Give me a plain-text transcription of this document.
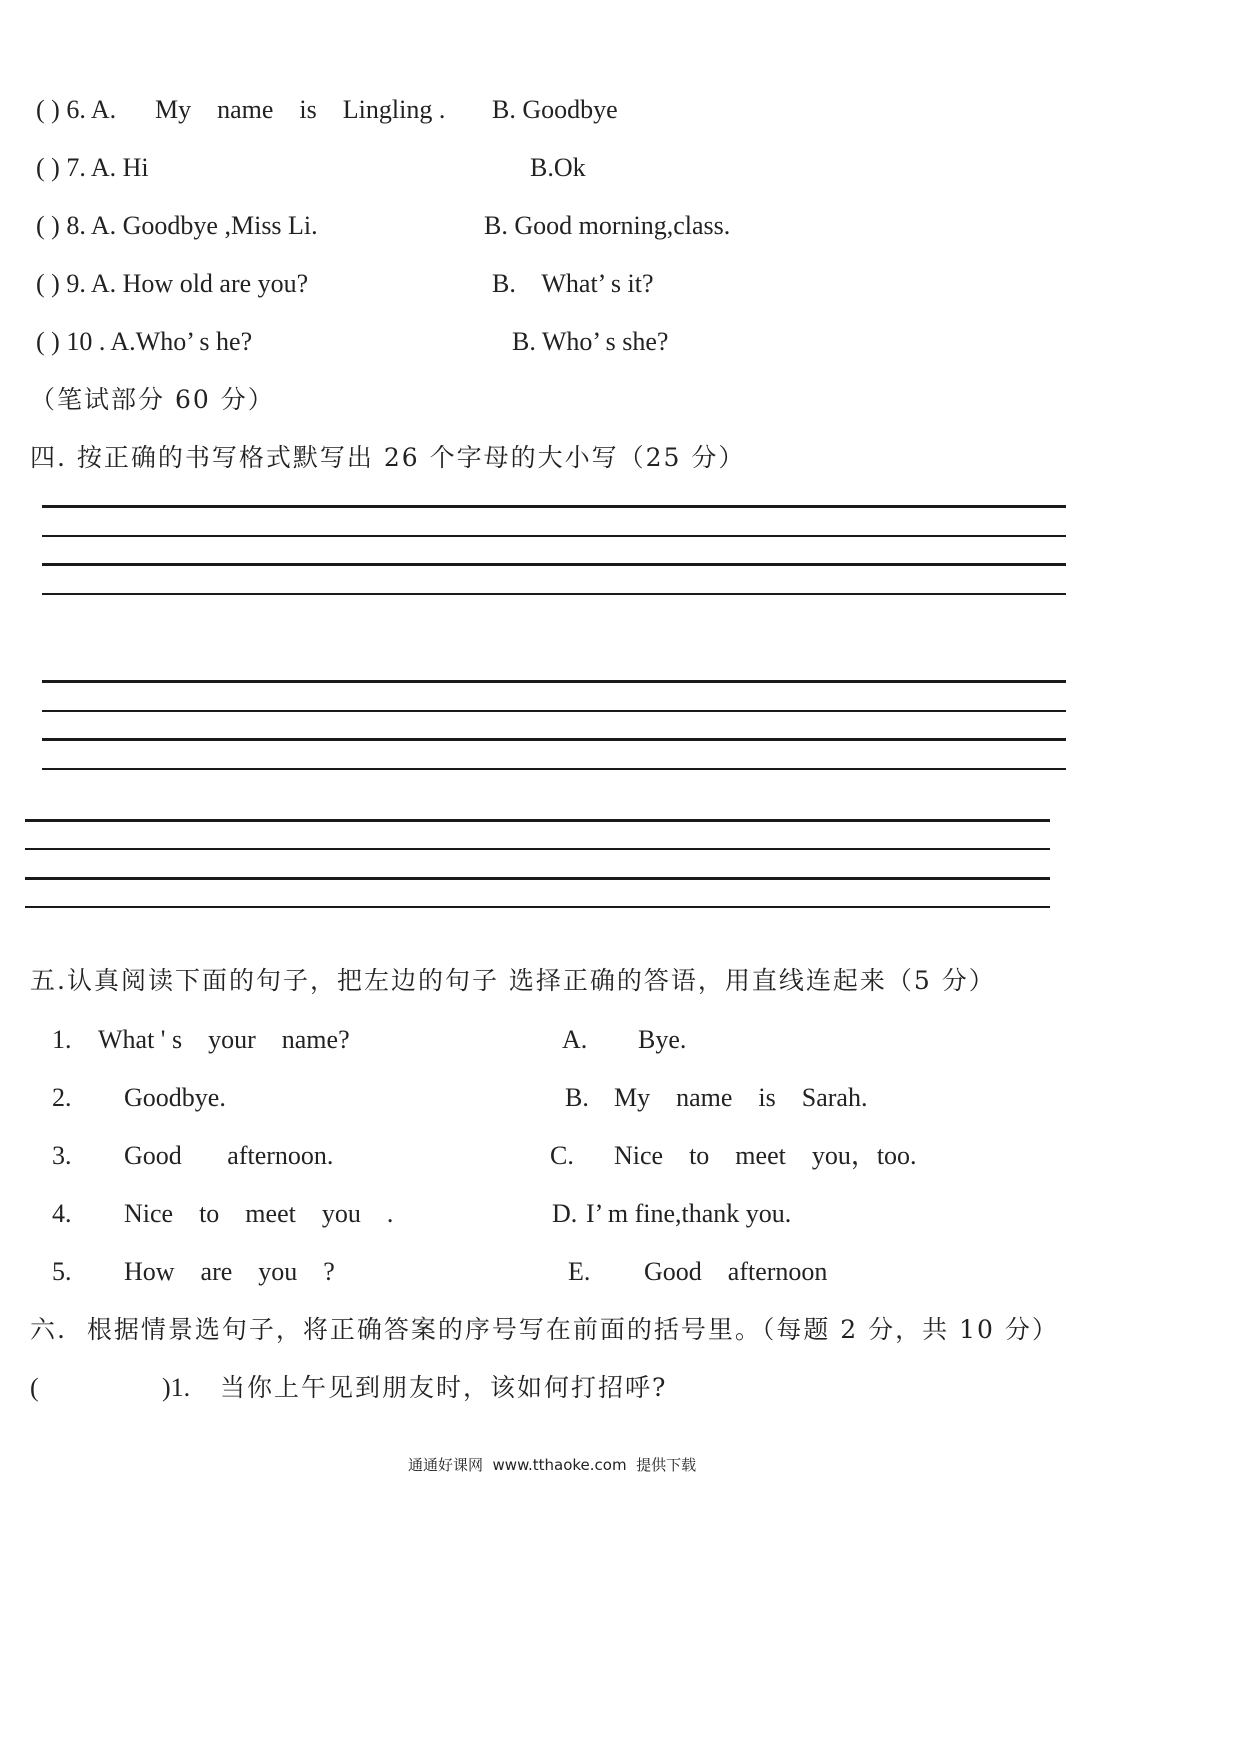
( ) 6. A. My    name    is    Lingling . B. Goodbye
( ) 7. A. Hi	B.Ok
( ) 8. A. Goodbye ,Miss Li.	B. Good morning,class.
( ) 9. A. How old are you?	B.    What’ s it?
( ) 10 . A.Who’ s he?	B. Who’ s she?
（笔试部分 60 分）
四. 按正确的书写格式默写出 26 个字母的大小写（25 分）
五.认真阅读下面的句子，把左边的句子 选择正确的答语，用直线连起来（5 分）
1. What ' s    your    name?	A. Bye.
2. Goodbye.	B. My    name    is    Sarah.
3. Good       afternoon.	C. Nice    to    meet    you，too.
4. Nice    to    meet    you    .	D. I’ m fine,thank you.
5. How    are    you    ?	E. Good    afternoon
六.  根据情景选句子，将正确答案的序号写在前面的括号里。（每题 2 分，共 10 分）
(	)1. 当你上午见到朋友时，该如何打招呼?
通通好课网  www.tthaoke.com  提供下载
